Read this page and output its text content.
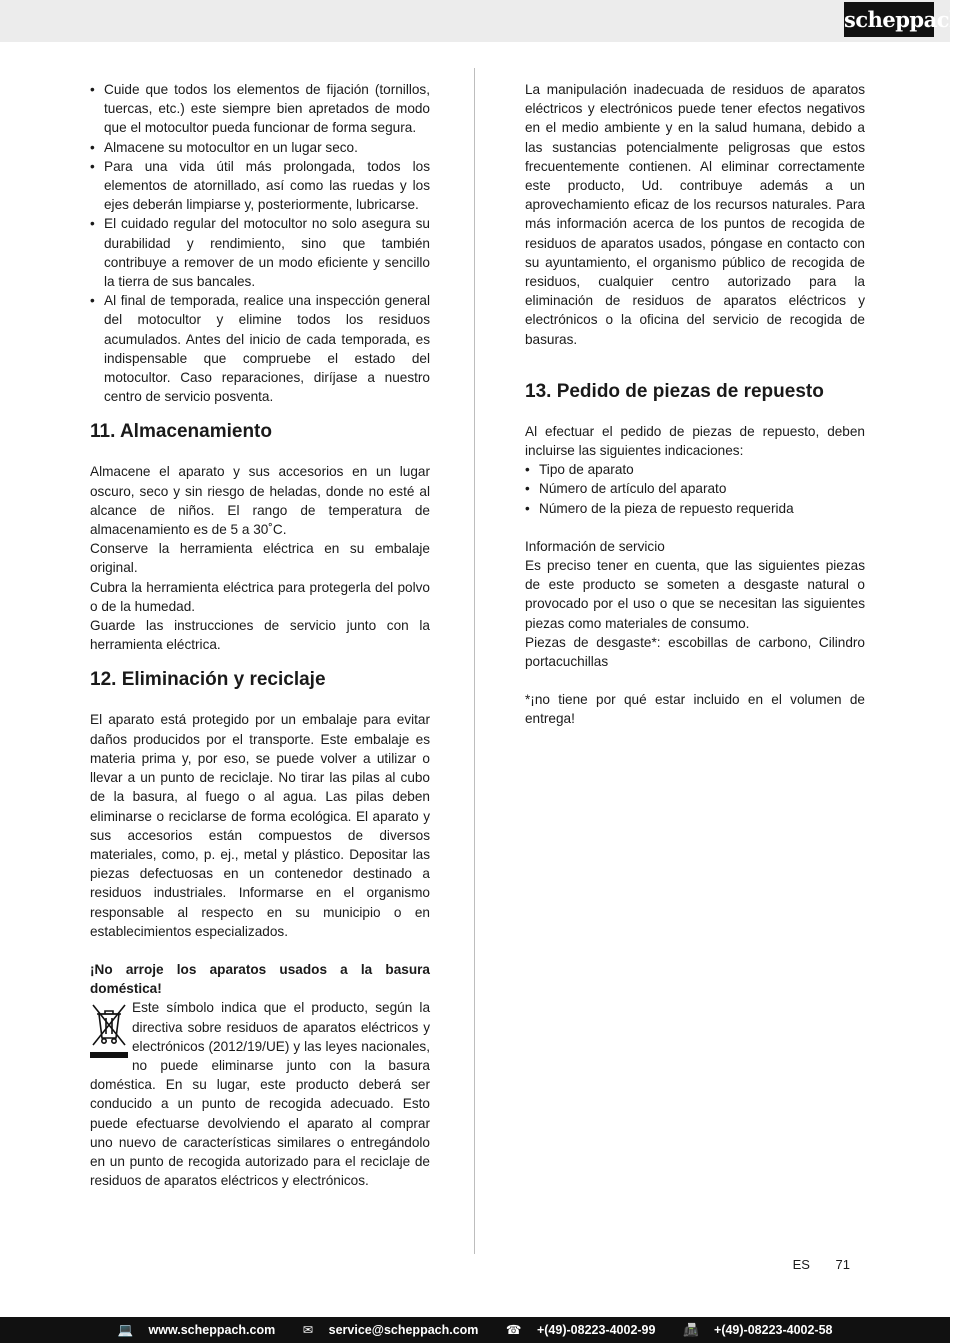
scheppach
• Cuide que todos los elementos de fijación (tornillos, tuercas, etc.) este siempre bien apretados de modo que el motocultor pueda funcionar de forma segura.
• Almacene su motocultor en un lugar seco.
• Para una vida útil más prolongada, todos los elementos de atornillado, así como las ruedas y los ejes deberán limpiarse y, posteriormente, lubricarse.
• El cuidado regular del motocultor no solo asegura su durabilidad y rendimiento, sino que también contribuye a remover de un modo eficiente y sencillo la tierra de sus bancales.
• Al final de temporada, realice una inspección general del motocultor y elimine todos los residuos acumulados. Antes del inicio de cada temporada, es indispensable que compruebe el estado del motocultor. Caso reparaciones, diríjase a nuestro centro de servicio posventa.
11. Almacenamiento

Almacene el aparato y sus accesorios en un lugar oscuro, seco y sin riesgo de heladas, donde no esté al alcance de niños. El rango de temperatura de almacenamiento es de 5 a 30˚C.

Conserve la herramienta eléctrica en su embalaje original.

Cubra la herramienta eléctrica para protegerla del polvo o de la humedad.

Guarde las instrucciones de servicio junto con la herramienta eléctrica.

12. Eliminación y reciclaje

El aparato está protegido por un embalaje para evitar daños producidos por el transporte. Este embalaje es materia prima y, por eso, se puede volver a utilizar o llevar a un punto de reciclaje. No tirar las pilas al cubo de la basura, al fuego o al agua. Las pilas deben eliminarse o reciclarse de forma ecológica. El aparato y sus accesorios están compuestos de diversos materiales, como, p. ej., metal y plástico. Depositar las piezas defectuosas en un contenedor destinado a residuos industriales. Informarse en el organismo responsable al respecto en su municipio o en establecimientos especializados.

¡No arroje los aparatos usados a la basura doméstica!

Este símbolo indica que el producto, según la directiva sobre residuos de aparatos eléctricos y electrónicos (2012/19/UE) y las leyes nacionales, no puede eliminarse junto con la basura doméstica. En su lugar, este producto deberá ser conducido a un punto de recogida adecuado. Esto puede efectuarse devolviendo el aparato al comprar uno nuevo de características similares o entregándolo en un punto de recogida autorizado para el reciclaje de residuos de aparatos eléctricos y electrónicos.

La manipulación inadecuada de residuos de aparatos eléctricos y electrónicos puede tener efectos negativos en el medio ambiente y en la salud humana, debido a las sustancias potencialmente peligrosas que estos frecuentemente contienen. Al eliminar correctamente este producto, Ud. contribuye además a un aprovechamiento eficaz de los recursos naturales. Para más información acerca de los puntos de recogida de residuos de aparatos usados, póngase en contacto con su ayuntamiento, el organismo público de recogida de residuos, cualquier centro autorizado para la eliminación de residuos de aparatos eléctricos y electrónicos o la oficina del servicio de recogida de basuras.

13. Pedido de piezas de repuesto

Al efectuar el pedido de piezas de repuesto, deben incluirse las siguientes indicaciones:

• Tipo de aparato
• Número de artículo del aparato
• Número de la pieza de repuesto requerida

Información de servicio

Es preciso tener en cuenta, que las siguientes piezas de este producto se someten a desgaste natural o provocado por el uso o que se necesitan las siguientes piezas como materiales de consumo.

Piezas de desgaste*: escobillas de carbono, Cilindro portacuchillas

*¡no tiene por qué estar incluido en el volumen de entrega!

ES 71
💻 www.scheppach.com ✉ service@scheppach.com ☎ +(49)-08223-4002-99 📠 +(49)-08223-4002-58
